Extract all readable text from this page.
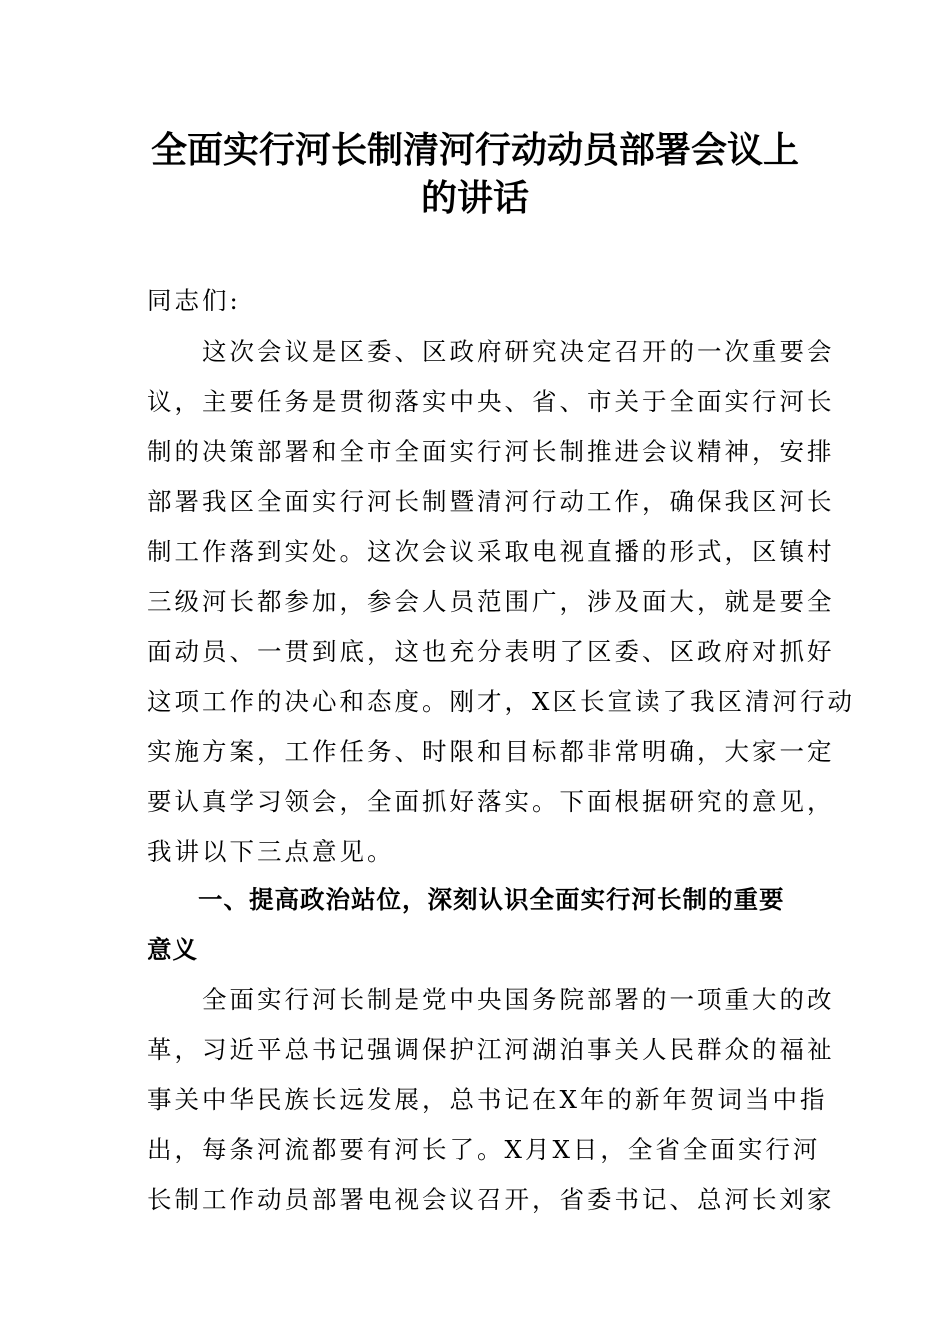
全面实行河长制清河行动动员部署会议上
的讲话

同志们:

　　这次会议是区委、区政府研究决定召开的一次重要会

议，主要任务是贯彻落实中央、省、市关于全面实行河长

制的决策部署和全市全面实行河长制推进会议精神，安排

部署我区全面实行河长制暨清河行动工作，确保我区河长

制工作落到实处。这次会议采取电视直播的形式，区镇村

三级河长都参加，参会人员范围广，涉及面大，就是要全

面动员、一贯到底，这也充分表明了区委、区政府对抓好

这项工作的决心和态度。刚才，X区长宣读了我区清河行动

实施方案，工作任务、时限和目标都非常明确，大家一定

要认真学习领会，全面抓好落实。下面根据研究的意见，

我讲以下三点意见。

　　一、提高政治站位，深刻认识全面实行河长制的重要

意义

　　全面实行河长制是党中央国务院部署的一项重大的改

革，习近平总书记强调保护江河湖泊事关人民群众的福祉

事关中华民族长远发展，总书记在X年的新年贺词当中指

出，每条河流都要有河长了。X月X日，全省全面实行河

长制工作动员部署电视会议召开，省委书记、总河长刘家
